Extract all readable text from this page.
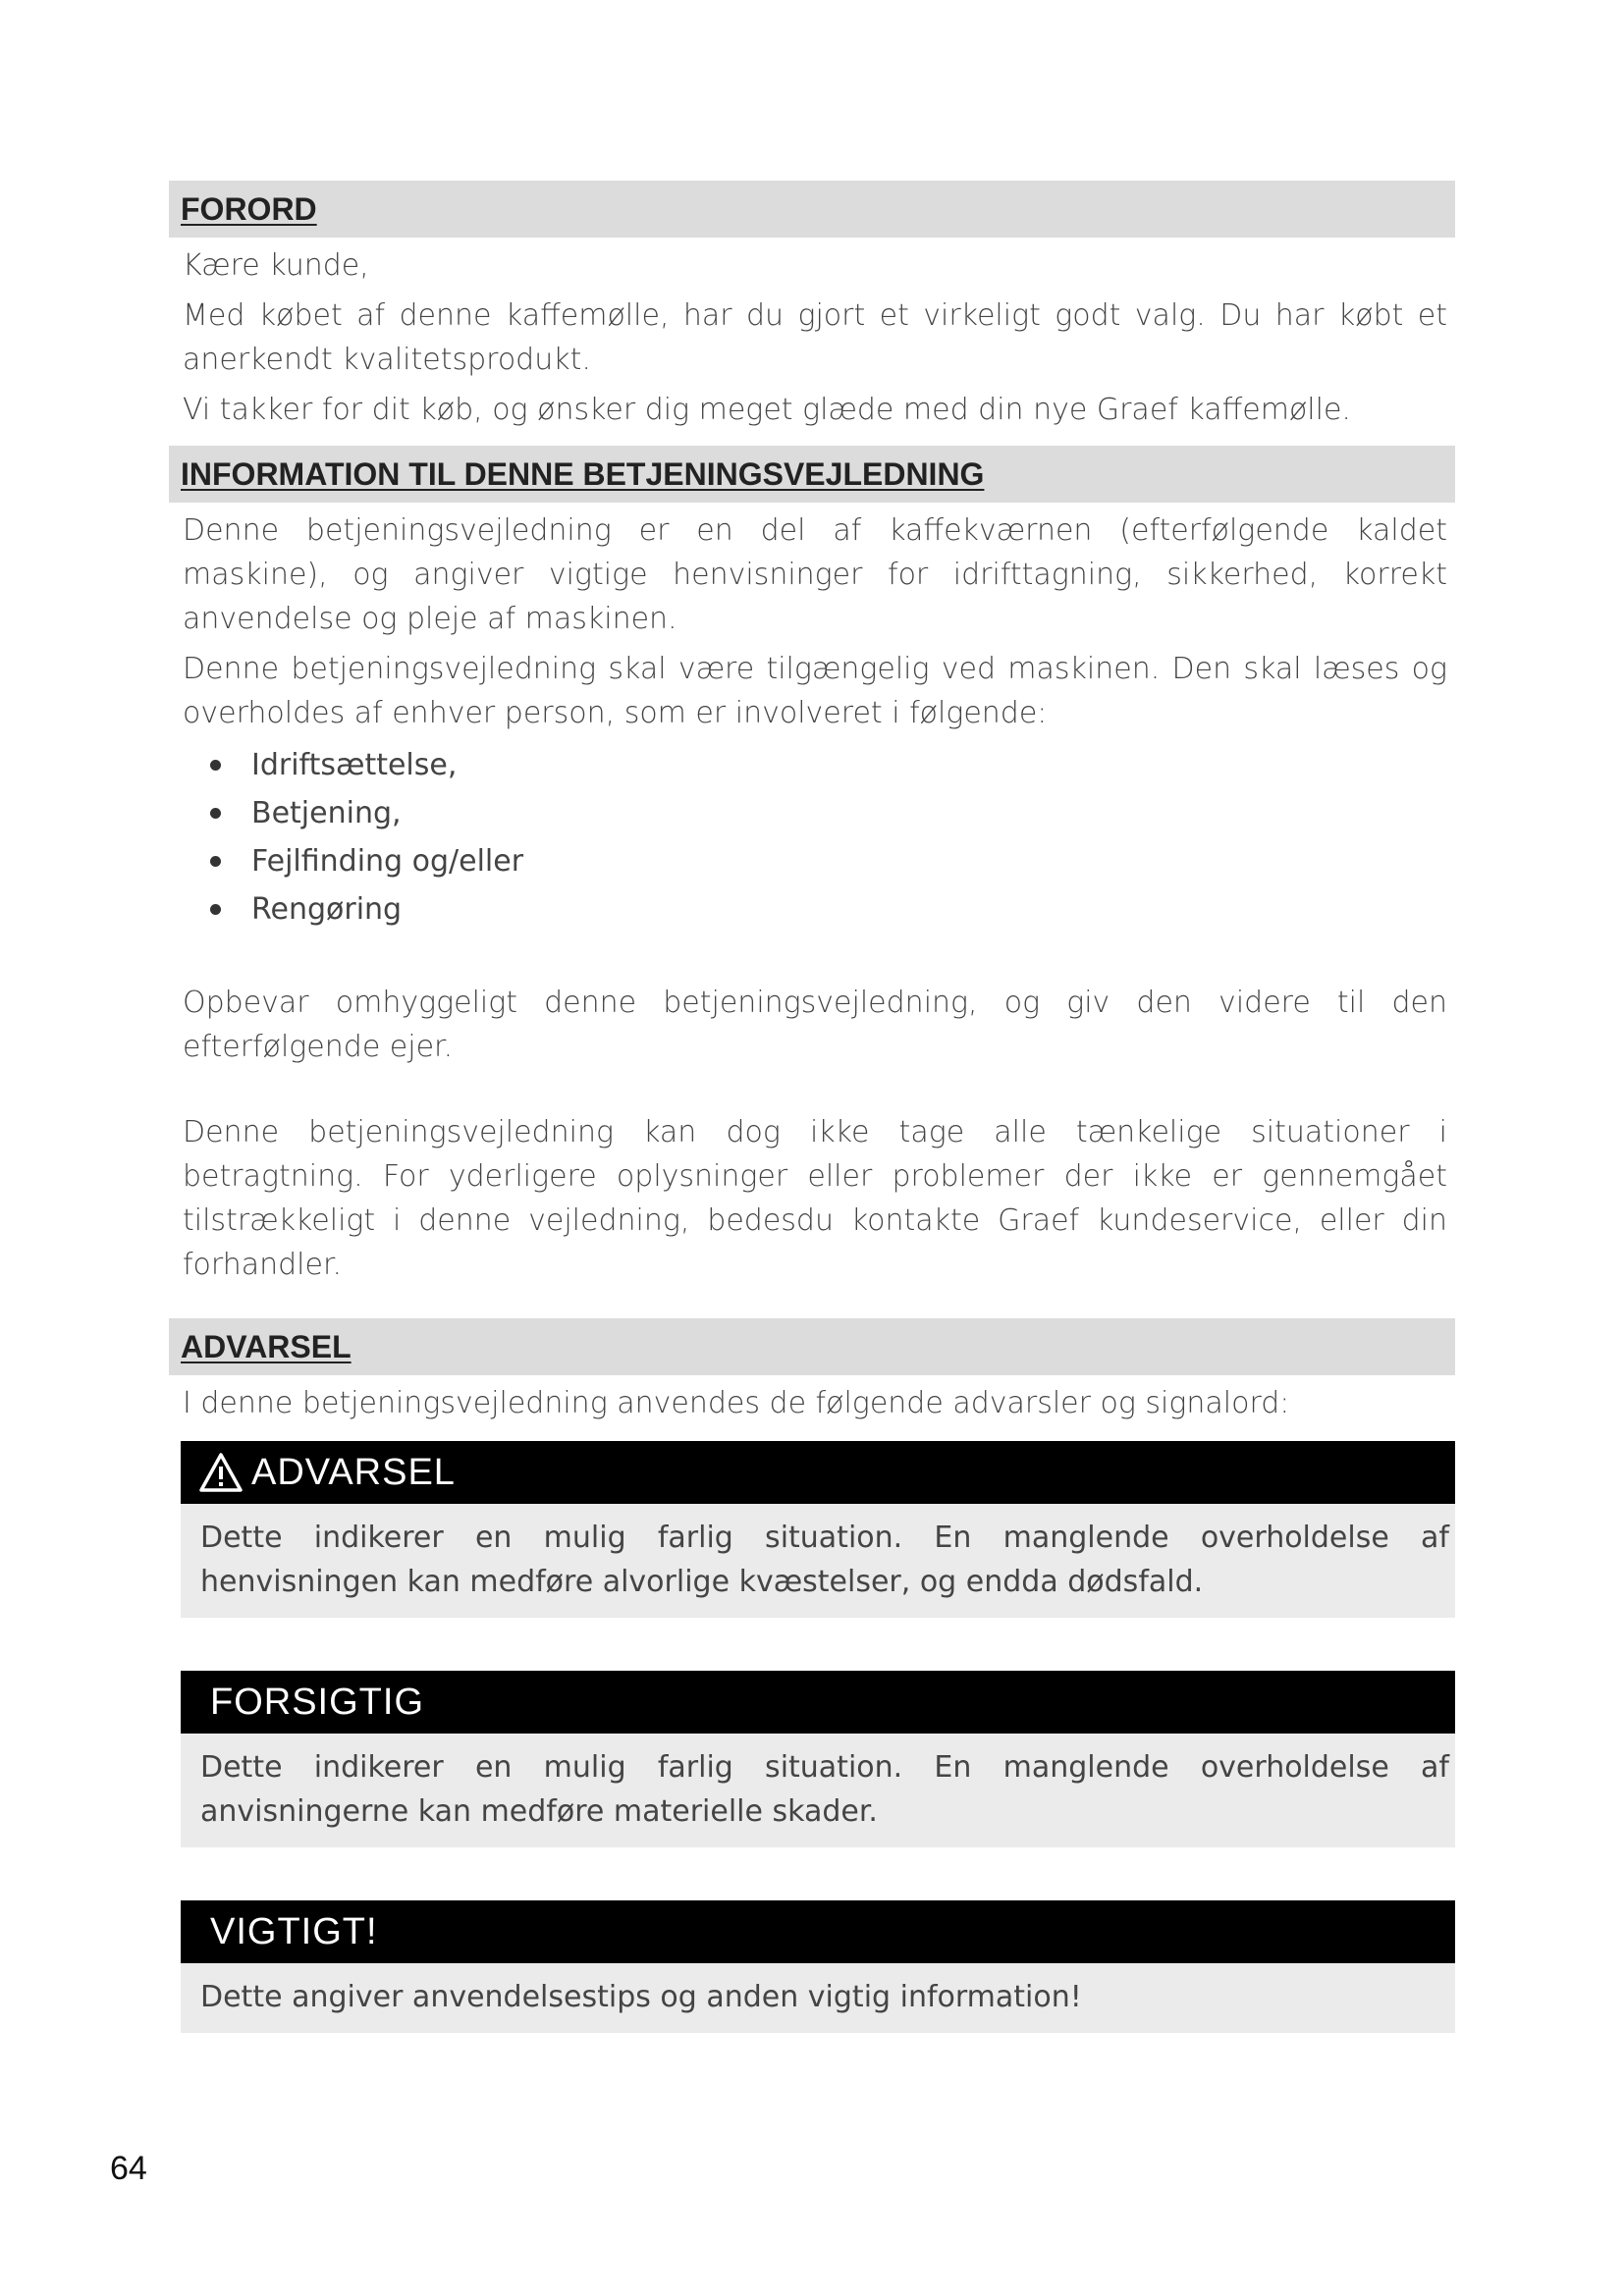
FORORD

Kære kunde,

Med købet af denne kaffemølle, har du gjort et virkeligt godt valg. Du har købt et anerkendt kvalitetsprodukt.

Vi takker for dit køb, og ønsker dig meget glæde med din nye Graef kaffemølle.

INFORMATION TIL DENNE BETJENINGSVEJLEDNING

Denne betjeningsvejledning er en del af kaffekværnen (efterfølgende kaldet maskine), og angiver vigtige henvisninger for idrifttagning, sikkerhed, korrekt anvendelse og pleje af maskinen.

Denne betjeningsvejledning skal være tilgængelig ved maskinen. Den skal læses og overholdes af enhver person, som er involveret i følgende:

Idriftsættelse,
Betjening,
Fejlfinding og/eller
Rengøring

Opbevar omhyggeligt denne betjeningsvejledning, og giv den videre til den efterfølgende ejer.

Denne betjeningsvejledning kan dog ikke tage alle tænkelige situationer i betragtning. For yderligere oplysninger eller problemer der ikke er gennemgået tilstrækkeligt i denne vejledning, bedesdu kontakte Graef kundeservice, eller din forhandler.

ADVARSEL

I denne betjeningsvejledning anvendes de følgende advarsler og signalord:

ADVARSEL

Dette indikerer en mulig farlig situation. En manglende overholdelse af henvisningen kan medføre alvorlige kvæstelser, og endda dødsfald.

FORSIGTIG

Dette indikerer en mulig farlig situation. En manglende overholdelse af anvisningerne kan medføre materielle skader.

VIGTIGT!

Dette angiver anvendelsestips og anden vigtig information!

64
